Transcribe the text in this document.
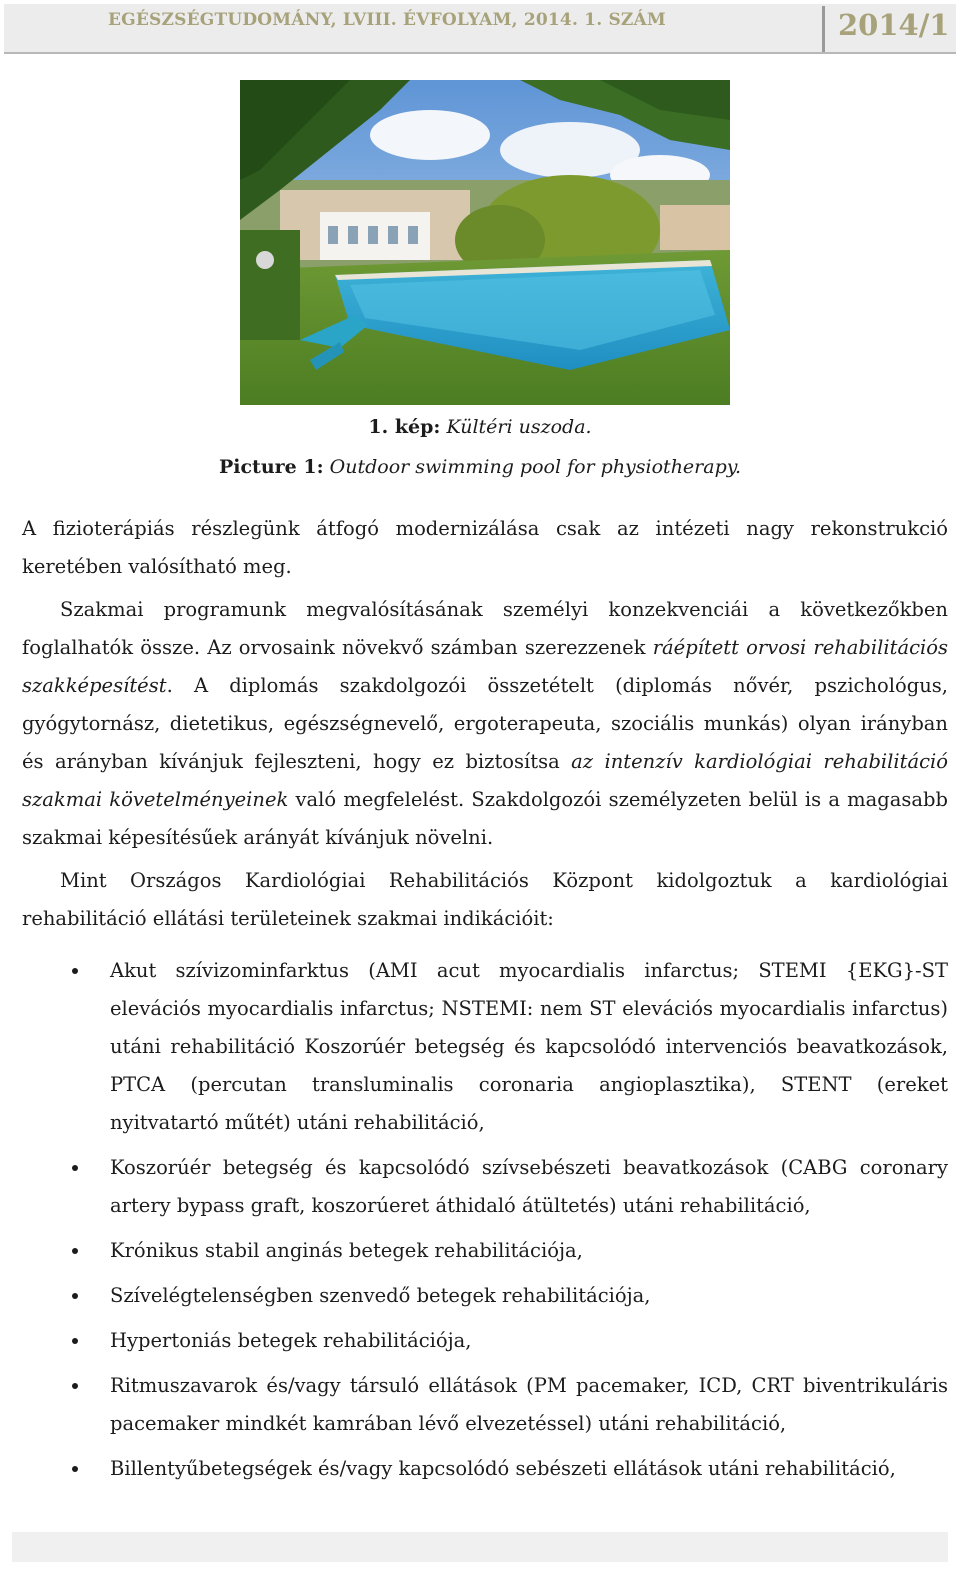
EGÉSZSÉGTUDOMÁNY, LVIII. ÉVFOLYAM, 2014. 1. SZÁM	2014/1
1. kép: Kültéri uszoda.
Picture 1: Outdoor swimming pool for physiotherapy.
A fizioterápiás részlegünk átfogó modernizálása csak az intézeti nagy rekonstrukció keretében valósítható meg.
Szakmai programunk megvalósításának személyi konzekvenciái a következőkben foglalhatók össze. Az orvosaink növekvő számban szerezzenek ráépített orvosi rehabilitációs szakképesítést. A diplomás szakdolgozói összetételt (diplomás nővér, pszichológus, gyógytornász, dietetikus, egészségnevelő, ergoterapeuta, szociális munkás) olyan irányban és arányban kívánjuk fejleszteni, hogy ez biztosítsa az intenzív kardiológiai rehabilitáció szakmai követelményeinek való megfelelést. Szakdolgozói személyzeten belül is a magasabb szakmai képesítésűek arányát kívánjuk növelni.
Mint Országos Kardiológiai Rehabilitációs Központ kidolgoztuk a kardiológiai rehabilitáció ellátási területeinek szakmai indikációit:
Akut szívizominfarktus (AMI acut myocardialis infarctus; STEMI {EKG}-ST elevációs myocardialis infarctus; NSTEMI: nem ST elevációs myocardialis infarctus) utáni rehabilitáció Koszorúér betegség és kapcsolódó intervenciós beavatkozások, PTCA (percutan transluminalis coronaria angioplasztika), STENT (ereket nyitvatartó műtét) utáni rehabilitáció,
Koszorúér betegség és kapcsolódó szívsebészeti beavatkozások (CABG coronary artery bypass graft, koszorúeret áthidaló átültetés) utáni rehabilitáció,
Krónikus stabil anginás betegek rehabilitációja,
Szívelégtelenségben szenvedő betegek rehabilitációja,
Hypertoniás betegek rehabilitációja,
Ritmuszavarok és/vagy társuló ellátások (PM pacemaker, ICD, CRT biventrikuláris pacemaker mindkét kamrában lévő elvezetéssel) utáni rehabilitáció,
Billentyűbetegségek és/vagy kapcsolódó sebészeti ellátások utáni rehabilitáció,
